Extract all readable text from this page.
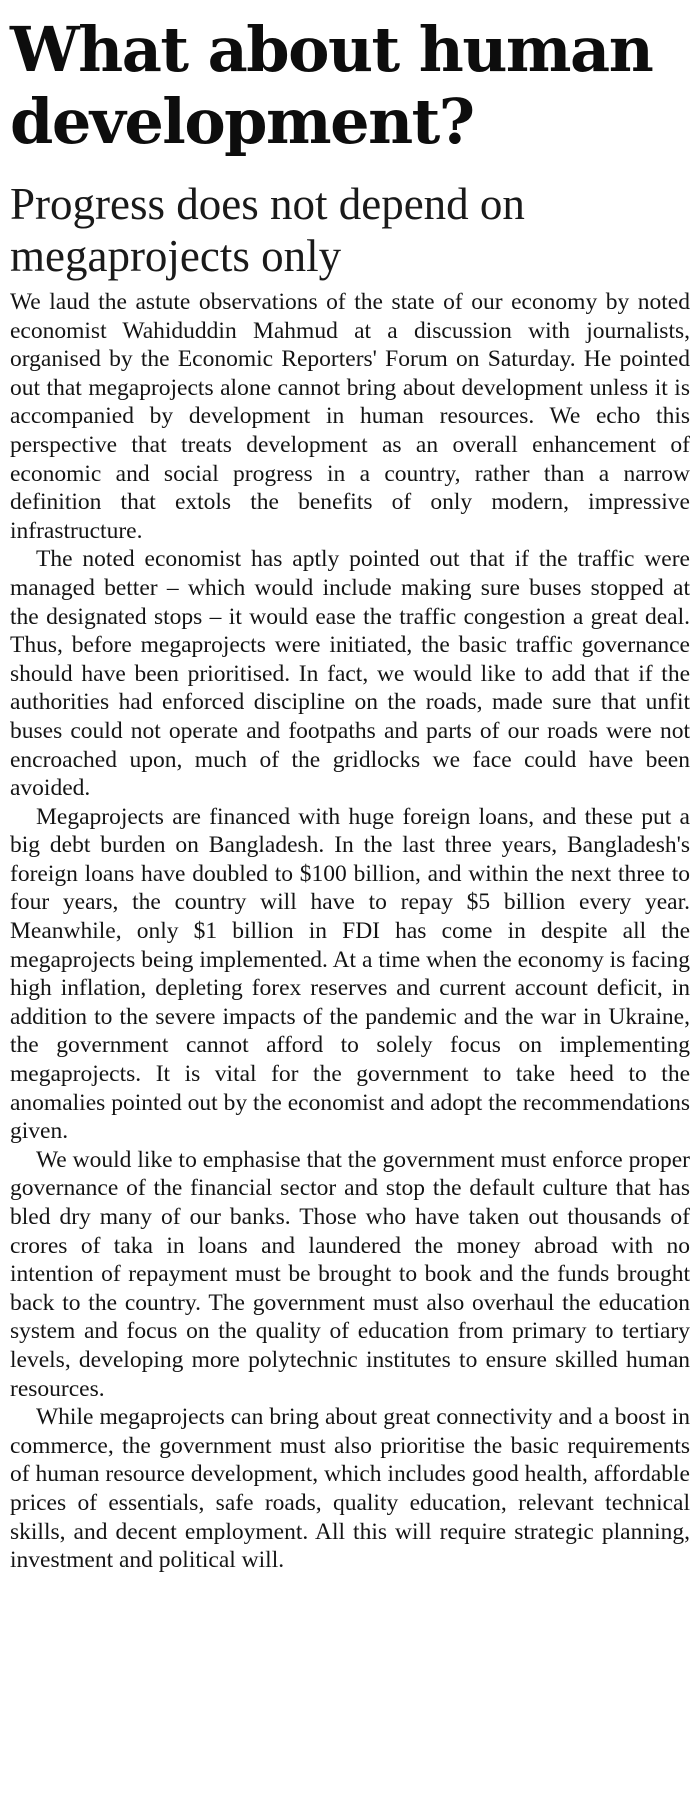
What about human development?
Progress does not depend on megaprojects only

We laud the astute observations of the state of our economy by noted economist Wahiduddin Mahmud at a discussion with journalists, organised by the Economic Reporters' Forum on Saturday. He pointed out that megaprojects alone cannot bring about development unless it is accompanied by development in human resources. We echo this perspective that treats development as an overall enhancement of economic and social progress in a country, rather than a narrow definition that extols the benefits of only modern, impressive infrastructure.

The noted economist has aptly pointed out that if the traffic were managed better – which would include making sure buses stopped at the designated stops – it would ease the traffic congestion a great deal. Thus, before megaprojects were initiated, the basic traffic governance should have been prioritised. In fact, we would like to add that if the authorities had enforced discipline on the roads, made sure that unfit buses could not operate and footpaths and parts of our roads were not encroached upon, much of the gridlocks we face could have been avoided.

Megaprojects are financed with huge foreign loans, and these put a big debt burden on Bangladesh. In the last three years, Bangladesh's foreign loans have doubled to $100 billion, and within the next three to four years, the country will have to repay $5 billion every year. Meanwhile, only $1 billion in FDI has come in despite all the megaprojects being implemented. At a time when the economy is facing high inflation, depleting forex reserves and current account deficit, in addition to the severe impacts of the pandemic and the war in Ukraine, the government cannot afford to solely focus on implementing megaprojects. It is vital for the government to take heed to the anomalies pointed out by the economist and adopt the recommendations given.

We would like to emphasise that the government must enforce proper governance of the financial sector and stop the default culture that has bled dry many of our banks. Those who have taken out thousands of crores of taka in loans and laundered the money abroad with no intention of repayment must be brought to book and the funds brought back to the country. The government must also overhaul the education system and focus on the quality of education from primary to tertiary levels, developing more polytechnic institutes to ensure skilled human resources.

While megaprojects can bring about great connectivity and a boost in commerce, the government must also prioritise the basic requirements of human resource development, which includes good health, affordable prices of essentials, safe roads, quality education, relevant technical skills, and decent employment. All this will require strategic planning, investment and political will.
